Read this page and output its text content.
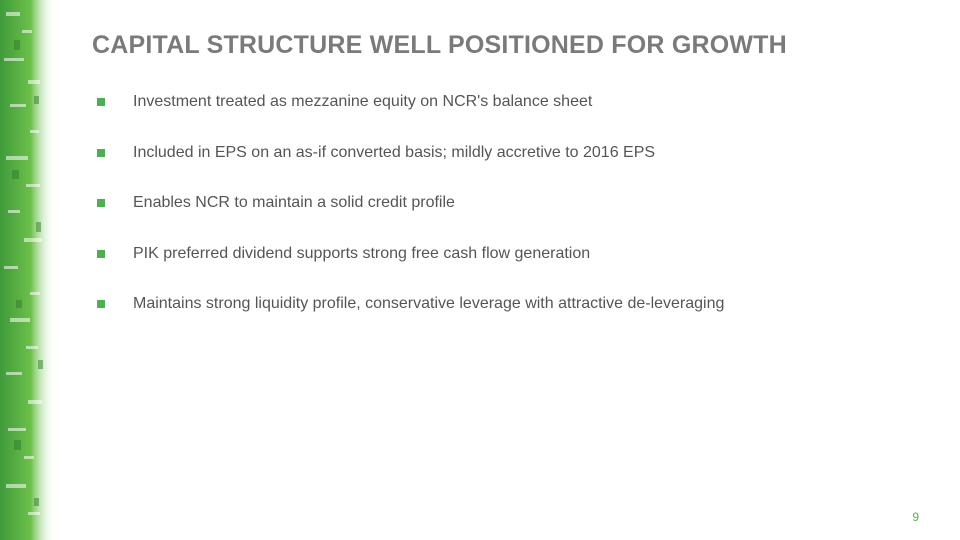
CAPITAL STRUCTURE WELL POSITIONED FOR GROWTH
Investment treated as mezzanine equity on NCR's balance sheet
Included in EPS on an as-if converted basis; mildly accretive to 2016 EPS
Enables NCR to maintain a solid credit profile
PIK preferred dividend supports strong free cash flow generation
Maintains strong liquidity profile, conservative leverage with attractive de-leveraging
9
